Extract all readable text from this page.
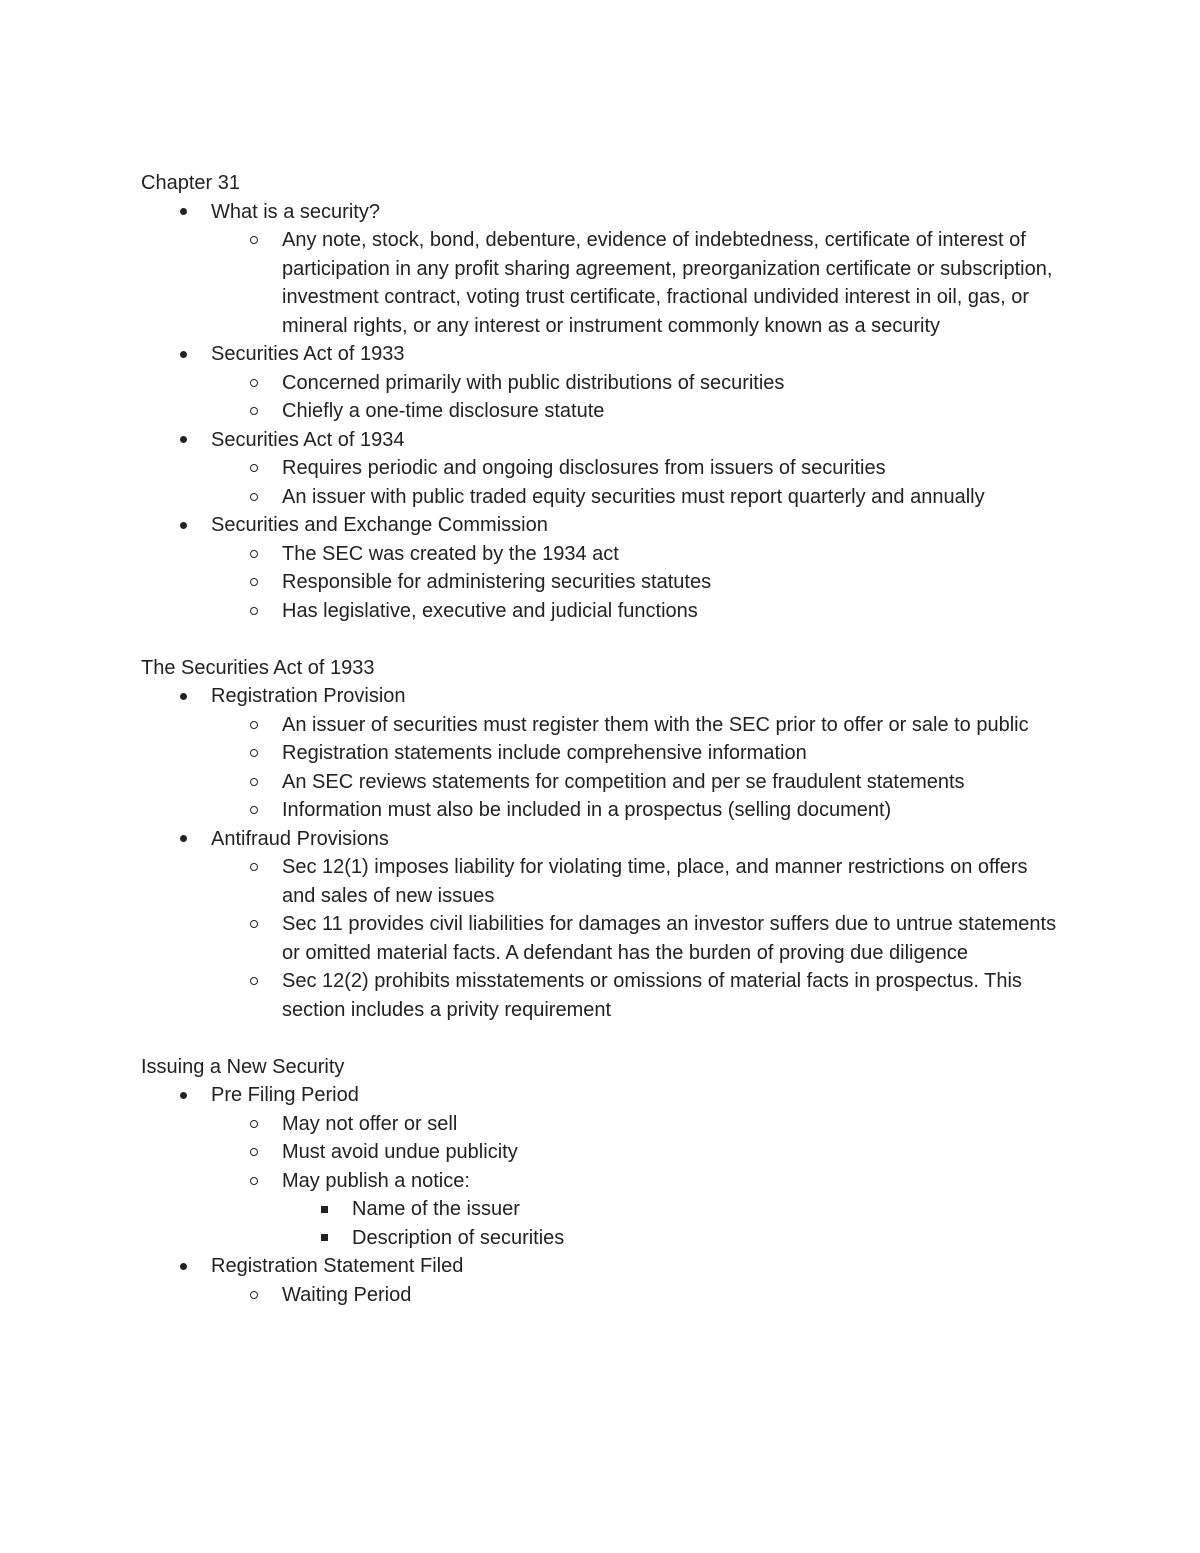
Chapter 31
What is a security?
Any note, stock, bond, debenture, evidence of indebtedness, certificate of interest of participation in any profit sharing agreement, preorganization certificate or subscription, investment contract, voting trust certificate, fractional undivided interest in oil, gas, or mineral rights, or any interest or instrument commonly known as a security
Securities Act of 1933
Concerned primarily with public distributions of securities
Chiefly a one-time disclosure statute
Securities Act of 1934
Requires periodic and ongoing disclosures from issuers of securities
An issuer with public traded equity securities must report quarterly and annually
Securities and Exchange Commission
The SEC was created by the 1934 act
Responsible for administering securities statutes
Has legislative, executive and judicial functions
The Securities Act of 1933
Registration Provision
An issuer of securities must register them with the SEC prior to offer or sale to public
Registration statements include comprehensive information
An SEC reviews statements for competition and per se fraudulent statements
Information must also be included in a prospectus (selling document)
Antifraud Provisions
Sec 12(1) imposes liability for violating time, place, and manner restrictions on offers and sales of new issues
Sec 11 provides civil liabilities for damages an investor suffers due to untrue statements or omitted material facts. A defendant has the burden of proving due diligence
Sec 12(2) prohibits misstatements or omissions of material facts in prospectus. This section includes a privity requirement
Issuing a New Security
Pre Filing Period
May not offer or sell
Must avoid undue publicity
May publish a notice:
Name of the issuer
Description of securities
Registration Statement Filed
Waiting Period
